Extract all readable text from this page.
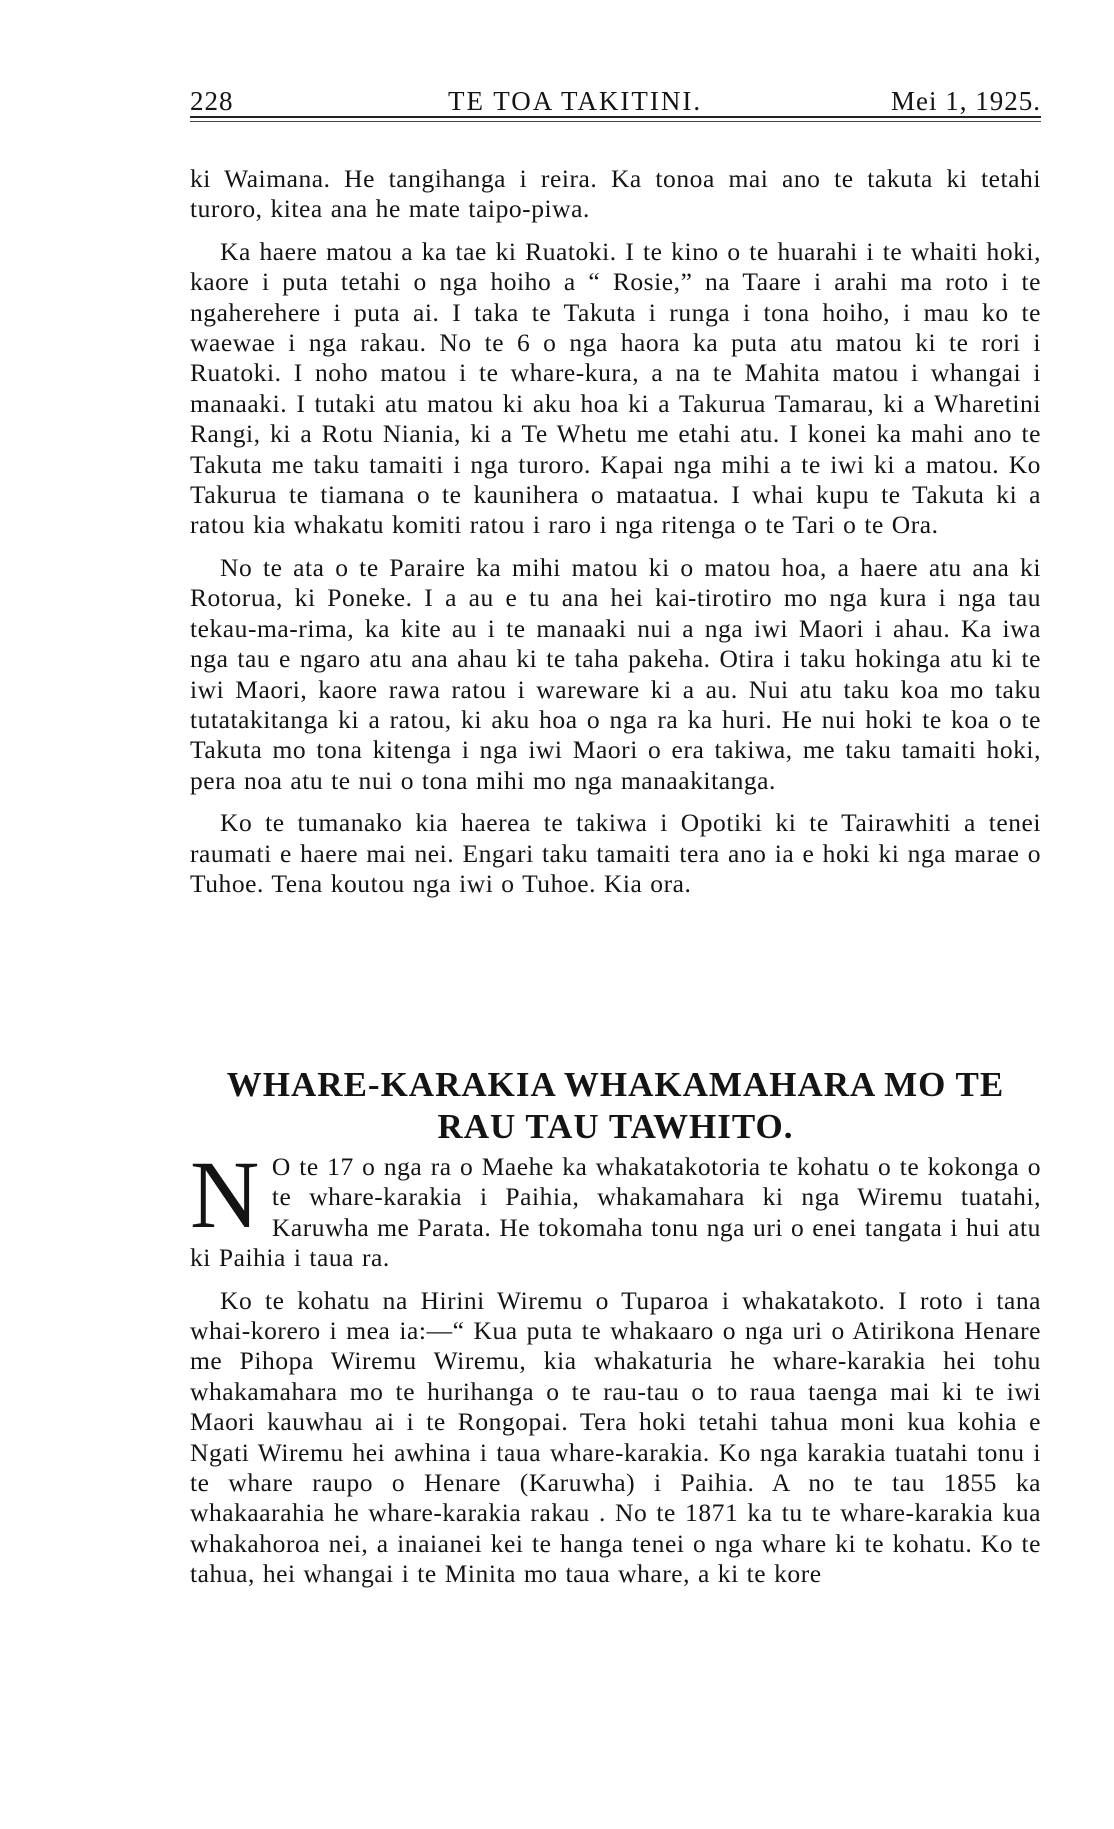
228	TE TOA TAKITINI.	Mei 1, 1925.

ki Waimana. He tangihanga i reira. Ka tonoa mai ano te takuta ki tetahi turoro, kitea ana he mate taipo-piwa.

Ka haere matou a ka tae ki Ruatoki. I te kino o te huarahi i te whaiti hoki, kaore i puta tetahi o nga hoiho a “ Rosie,” na Taare i arahi ma roto i te ngaherehere i puta ai. I taka te Takuta i runga i tona hoiho, i mau ko te waewae i nga rakau. No te 6 o nga haora ka puta atu matou ki te rori i Ruatoki. I noho matou i te whare-kura, a na te Mahita matou i whangai i manaaki. I tutaki atu matou ki aku hoa ki a Takurua Tamarau, ki a Wharetini Rangi, ki a Rotu Niania, ki a Te Whetu me etahi atu. I konei ka mahi ano te Takuta me taku tamaiti i nga turoro. Kapai nga mihi a te iwi ki a matou. Ko Takurua te tiamana o te kaunihera o mataatua. I whai kupu te Takuta ki a ratou kia whakatu komiti ratou i raro i nga ritenga o te Tari o te Ora.

No te ata o te Paraire ka mihi matou ki o matou hoa, a haere atu ana ki Rotorua, ki Poneke. I a au e tu ana hei kai-tirotiro mo nga kura i nga tau tekau-ma-rima, ka kite au i te manaaki nui a nga iwi Maori i ahau. Ka iwa nga tau e ngaro atu ana ahau ki te taha pakeha. Otira i taku hokinga atu ki te iwi Maori, kaore rawa ratou i wareware ki a au. Nui atu taku koa mo taku tutatakitanga ki a ratou, ki aku hoa o nga ra ka huri. He nui hoki te koa o te Takuta mo tona kitenga i nga iwi Maori o era takiwa, me taku tamaiti hoki, pera noa atu te nui o tona mihi mo nga manaakitanga.

Ko te tumanako kia haerea te takiwa i Opotiki ki te Tairawhiti a tenei raumati e haere mai nei. Engari taku tamaiti tera ano ia e hoki ki nga marae o Tuhoe. Tena koutou nga iwi o Tuhoe. Kia ora.

WHARE-KARAKIA WHAKAMAHARA MO TE
RAU TAU TAWHITO.

N O te 17 o nga ra o Maehe ka whakatakotoria te kohatu o te kokonga o te whare-karakia i Paihia, whakamahara ki nga Wiremu tuatahi, Karuwha me Parata. He tokomaha tonu nga uri o enei tangata i hui atu ki Paihia i taua ra.

Ko te kohatu na Hirini Wiremu o Tuparoa i whakatakoto. I roto i tana whai-korero i mea ia:—“ Kua puta te whakaaro o nga uri o Atirikona Henare me Pihopa Wiremu Wiremu, kia whakaturia he whare-karakia hei tohu whakamahara mo te hurihanga o te rau-tau o to raua taenga mai ki te iwi Maori kauwhau ai i te Rongopai. Tera hoki tetahi tahua moni kua kohia e Ngati Wiremu hei awhina i taua whare-karakia. Ko nga karakia tuatahi tonu i te whare raupo o Henare (Karuwha) i Paihia. A no te tau 1855 ka whakaarahia he whare-karakia rakau . No te 1871 ka tu te whare-karakia kua whakahoroa nei, a inaianei kei te hanga tenei o nga whare ki te kohatu. Ko te tahua, hei whangai i te Minita mo taua whare, a ki te kore
